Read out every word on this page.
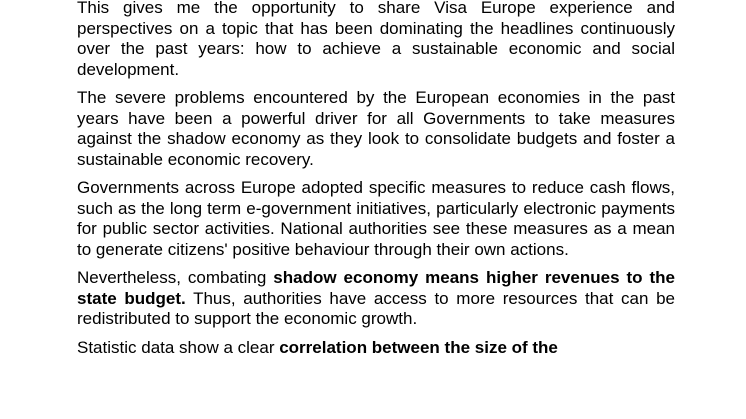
This gives me the opportunity to share Visa Europe experience and perspectives on a topic that has been dominating the headlines continuously over the past years: how to achieve a sustainable economic and social development.

The severe problems encountered by the European economies in the past years have been a powerful driver for all Governments to take measures against the shadow economy as they look to consolidate budgets and foster a sustainable economic recovery.

Governments across Europe adopted specific measures to reduce cash flows, such as the long term e-government initiatives, particularly electronic payments for public sector activities. National authorities see these measures as a mean to generate citizens' positive behaviour through their own actions.

Nevertheless, combating shadow economy means higher revenues to the state budget. Thus, authorities have access to more resources that can be redistributed to support the economic growth.

Statistic data show a clear correlation between the size of the
